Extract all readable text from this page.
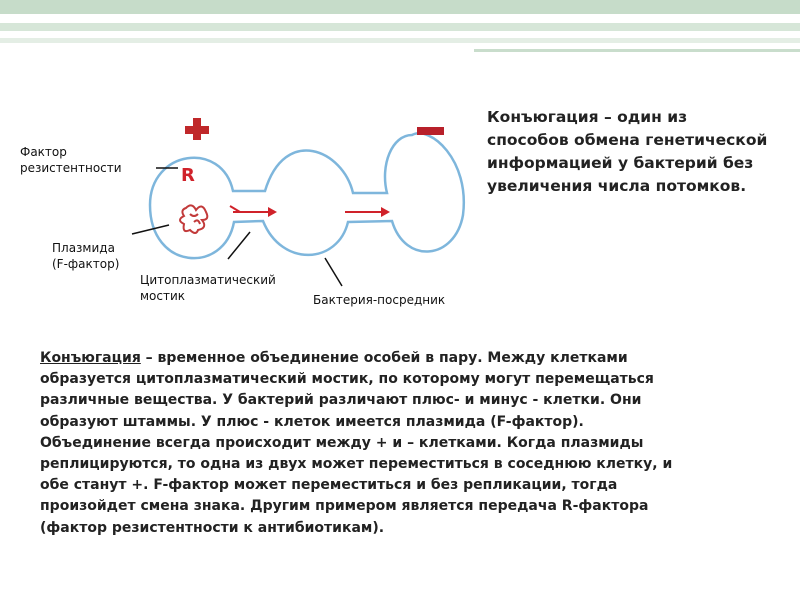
R
Фактор
резистентности
Плазмида
(F-фактор)
Цитоплазматический
мостик	Бактерия-посредник
Конъюгация – один из
способов обмена генетической
информацией у бактерий без
увеличения числа потомков.
Конъюгация – временное объединение особей в пару. Между клетками
образуется цитоплазматический мостик, по которому могут перемещаться
различные вещества. У бактерий различают плюс- и минус - клетки. Они
образуют штаммы. У плюс - клеток имеется плазмида (F-фактор).
Объединение всегда происходит между + и – клетками. Когда плазмиды
реплицируются, то одна из двух может переместиться в соседнюю клетку, и
обе станут +. F-фактор может переместиться и без репликации, тогда
произойдет смена знака. Другим примером является передача R-фактора
(фактор резистентности к антибиотикам).
